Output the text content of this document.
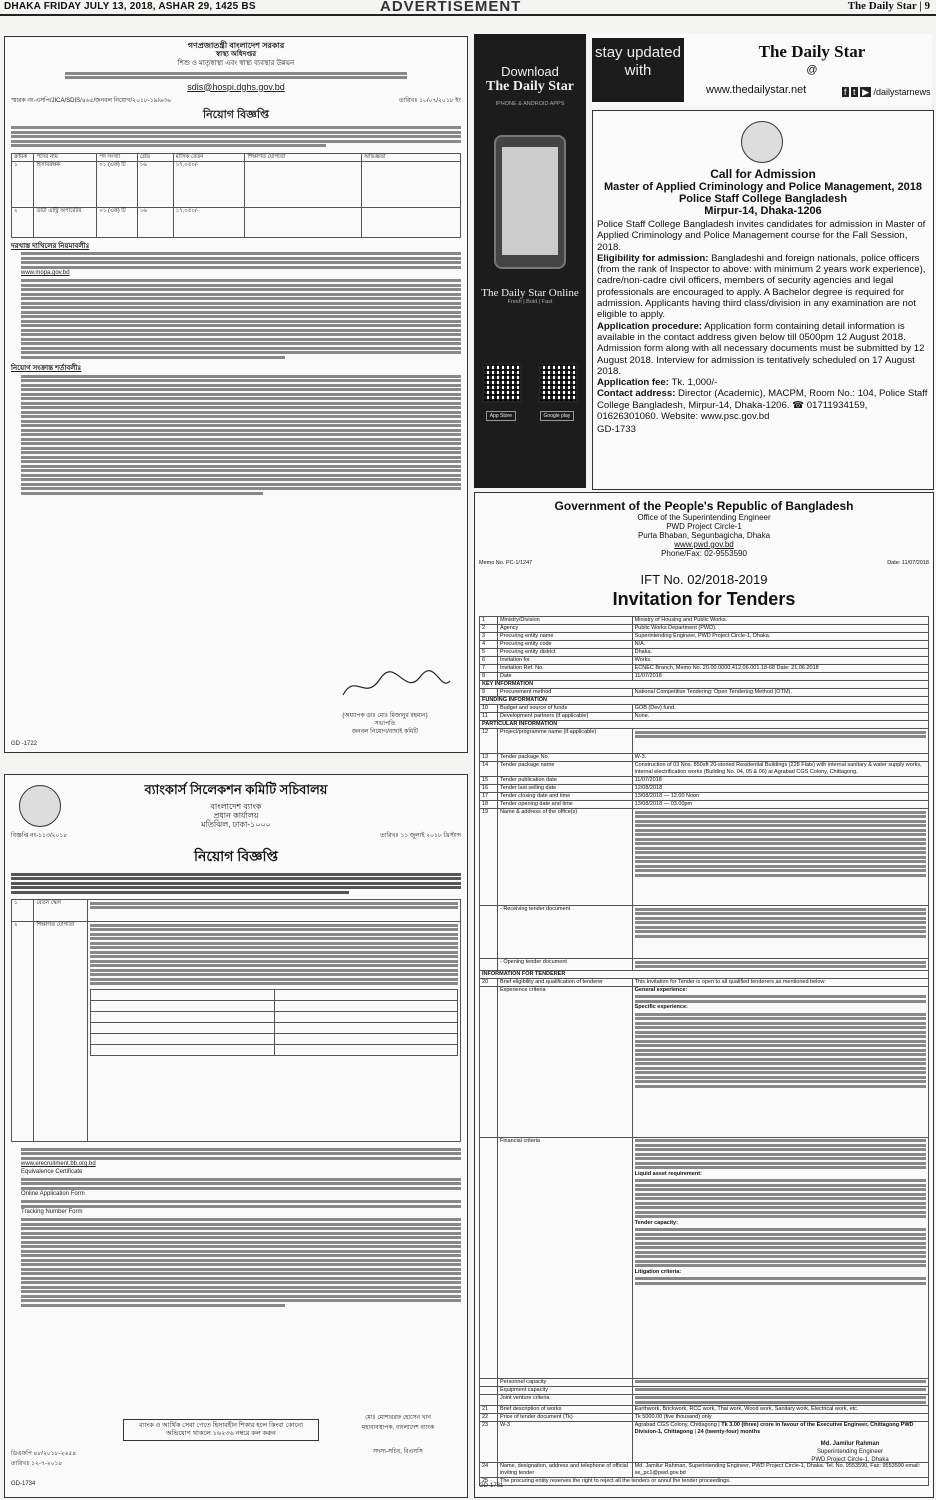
DHAKA FRIDAY JULY 13, 2018, ASHAR 29, 1425 BS	ADVERTISEMENT	The Daily Star | 9
গণপ্রজাতন্ত্রী বাংলাদেশ সরকার
স্বাস্থ্য অধিদপ্তর
শিশু ও মাতৃস্বাস্থ্য এবং স্বাস্থ্য ব্যবস্থার উন্নয়ন
sdis@hospi.dghs.gov.bd
স্মারক নং-এসপি/JICA/SDIS/৪৬৫/জনবল নিয়োগ/২০১৮-১৯/৬৩৬	তারিখঃ ১০/০৭/২০১৮ ইং
নিয়োগ বিজ্ঞপ্তি
ক্রমিক	পদের নাম	পদ সংখ্যা	গ্রেড	মাসিক বেতন	শিক্ষাগত যোগ্যতা	অভিজ্ঞতা
১	হিসাবরক্ষক	০১ (এক) টি	১৬	১৭,০৫০/-		
২	ডাটা এন্ট্রি অপারেটর	০১ (এক) টি	১৬	১৭,০৫০/-		
দরখাস্ত দাখিলের নিয়মাবলীঃ
www.mopa.gov.bd
নিয়োগ সংক্রান্ত শর্তাবলীঃ
(অধ্যাপক ডাঃ মোঃ মিজানুর রহমান)
সভাপতি
জনবল নিয়োগ/বাছাই কমিটি
GD -1722
Download
The Daily Star
IPHONE & ANDROID APPS
The Daily Star Online
Fresh | Bold | Fast
App Store	Google play
stay updated with
The Daily Star
@
www.thedailystar.net	f t ▶ /dailystarnews
Call for Admission
Master of Applied Criminology and Police Management, 2018
Police Staff College Bangladesh
Mirpur-14, Dhaka-1206
Police Staff College Bangladesh invites candidates for admission in Master of Applied Criminology and Police Management course for the Fall Session, 2018.
Eligibility for admission: Bangladeshi and foreign nationals, police officers (from the rank of Inspector to above: with minimum 2 years work experience), cadre/non-cadre civil officers, members of security agencies and legal professionals are encouraged to apply. A Bachelor degree is required for admission. Applicants having third class/division in any examination are not eligible to apply.
Application procedure: Application form containing detail information is available in the contact address given below till 0500pm 12 August 2018. Admission form along with all necessary documents must be submitted by 12 August 2018. Interview for admission is tentatively scheduled on 17 August 2018.
Application fee: Tk. 1,000/-
Contact address: Director (Academic), MACPM, Room No.: 104, Police Staff College Bangladesh, Mirpur-14, Dhaka-1206. ☎ 01711934159, 01626301060. Website: www.psc.gov.bd
GD-1733
ব্যাংকার্স সিলেকশন কমিটি সচিবালয়
বাংলাদেশ ব্যাংক
প্রধান কার্যালয়
মতিঝিল, ঢাকা-১০০০
বিজ্ঞপ্তি নং-১১৩/২০১৮	তারিখঃ ১১ জুলাই ২০১৮ খ্রিস্টাব্দ
নিয়োগ বিজ্ঞপ্তি
১	বেতন স্কেল	

২	শিক্ষাগত যোগ্যতা	

www.erecruitment.bb.org.bd
Equivalence Certificate
Online Application Form
Tracking Number Form
ব্যাংক ও আর্থিক সেবা পেতে হিসাবহীন শিকার হলে কিংবা কোনো অভিযোগ থাকলে ১৬২৩৬ নম্বরে কল করুন
মোঃ মোশাররফ হোসেন খান
মহাব্যবস্থাপক, বাংলাদেশ ব্যাংক
সদস্য-সচিব, বিএসসি
ডিএফপি ৪৮/২০১৮-২৬৫৪
তারিখঃ ১২-৭-২০১৮
GD-1734
Government of the People's Republic of Bangladesh
Office of the Superintending Engineer
PWD Project Circle-1
Purta Bhaban, Segunbagicha, Dhaka
www.pwd.gov.bd
Phone/Fax: 02-9553590
Memo No. PC-1/1247	Date: 11/07/2018
IFT No. 02/2018-2019
Invitation for Tenders
1	Ministry/Division	Ministry of Housing and Public Works.
2	Agency	Public Works Department (PWD).
3	Procuring entity name	Superintending Engineer, PWD Project Circle-1, Dhaka.
4	Procuring entity code	N/A.
5	Procuring entity district	Dhaka.
6	Invitation for	Works.
7	Invitation Ref. No.	ECNEC Branch, Memo No. 20.00.0000.412.06.001.18-68 Date: 21.06.2018
8	Date	11/07/2018
KEY INFORMATION		
9	Procurement method	National Competitive Tendering: Open Tendering Method (OTM).
FUNDING INFORMATION		
10	Budget and source of funds	GOB (Dev) fund.
11	Development partners (if applicable)	None.
PARTICULAR INFORMATION		
12	Project/programme name (if applicable)	

13	Tender package No.	W-3.
14	Tender package name	Construction of 03 Nos. 850sft 20-storied Residential Buildings (228 Flats) with internal sanitary & water supply works, internal electrification works (Building No. 04, 05 & 06) at Agrabad CGS Colony, Chittagong.
15	Tender publication date	11/07/2018
16	Tender last selling date	12/08/2018
17	Tender closing date and time	13/08/2018 — 12.00 Noon
18	Tender opening date and time	13/08/2018 — 03.00pm
19	Name & address of the office(s)	

	- Receiving tender document	

	- Opening tender document	

INFORMATION FOR TENDERER		
20	Brief eligibility and qualification of tenderer	This Invitation for Tender is open to all qualified tenderers as mentioned below:
	Experience criteria	General experience:
Specific experience:

	Financial criteria	Liquid asset requirement:
Tender capacity:
Litigation criteria:

	Personnel capacity	

	Equipment capacity	

	Joint venture criteria	

21	Brief description of works	Earthwork, Brickwork, RCC work, Thai work, Wood work, Sanitary work, Electrical work, etc.
22	Price of tender document (Tk)	Tk 5000.00 (five thousand) only
23	W-3	Agrabad CGS Colony, Chittagong | Tk 3.00 (three) crore in favour of the Executive Engineer, Chittagong PWD Division-1, Chittagong | 24 (twenty-four) months
24	Name, designation, address and telephone of official inviting tender	Md. Jamilur Rahman, Superintending Engineer, PWD Project Circle-1, Dhaka. Tel. No. 9553590, Fax: 9553590 email: se_pc1@pwd.gov.bd
25	The procuring entity reserves the right to reject all the tenders or annul the tender proceedings.	
Md. Jamilur Rahman
Superintending Engineer
PWD Project Circle-1, Dhaka
GD-1731
